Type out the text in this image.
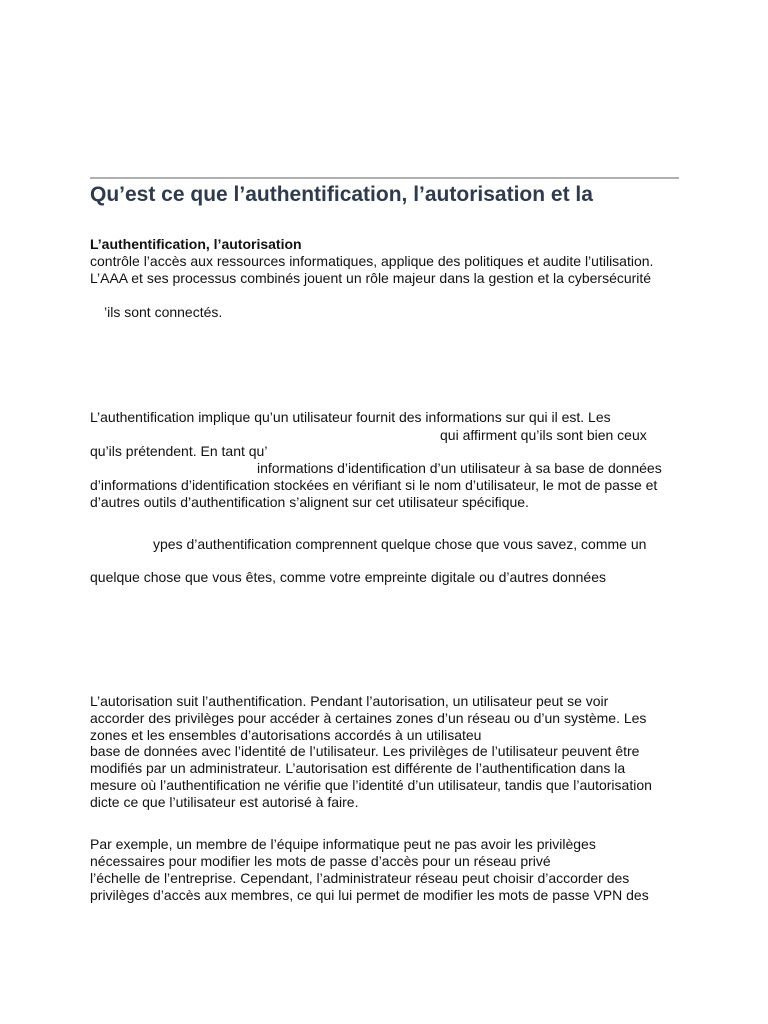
Qu’est ce que l’authentification, l’autorisation et la

L’authentification, l’autorisation

contrôle l’accès aux ressources informatiques, applique des politiques et audite l’utilisation.

L’AAA et ses processus combinés jouent un rôle majeur dans la gestion et la cybersécurité

’ils sont connectés.

L’authentification implique qu’un utilisateur fournit des informations sur qui il est. Les

qui affirment qu’ils sont bien ceux

qu’ils prétendent. En tant qu’

informations d’identification d’un utilisateur à sa base de données

d’informations d’identification stockées en vérifiant si le nom d’utilisateur, le mot de passe et

d’autres outils d’authentification s’alignent sur cet utilisateur spécifique.

ypes d’authentification comprennent quelque chose que vous savez, comme un

quelque chose que vous êtes, comme votre empreinte digitale ou d’autres données

L’autorisation suit l’authentification. Pendant l’autorisation, un utilisateur peut se voir

accorder des privilèges pour accéder à certaines zones d’un réseau ou d’un système. Les

zones et les ensembles d’autorisations accordés à un utilisateu

base de données avec l’identité de l’utilisateur. Les privilèges de l’utilisateur peuvent être

modifiés par un administrateur. L’autorisation est différente de l’authentification dans la

mesure où l’authentification ne vérifie que l’identité d’un utilisateur, tandis que l’autorisation

dicte ce que l’utilisateur est autorisé à faire.

Par exemple, un membre de l’équipe informatique peut ne pas avoir les privilèges

nécessaires pour modifier les mots de passe d’accès pour un réseau privé

l’échelle de l’entreprise. Cependant, l’administrateur réseau peut choisir d’accorder des

privilèges d’accès aux membres, ce qui lui permet de modifier les mots de passe VPN des
